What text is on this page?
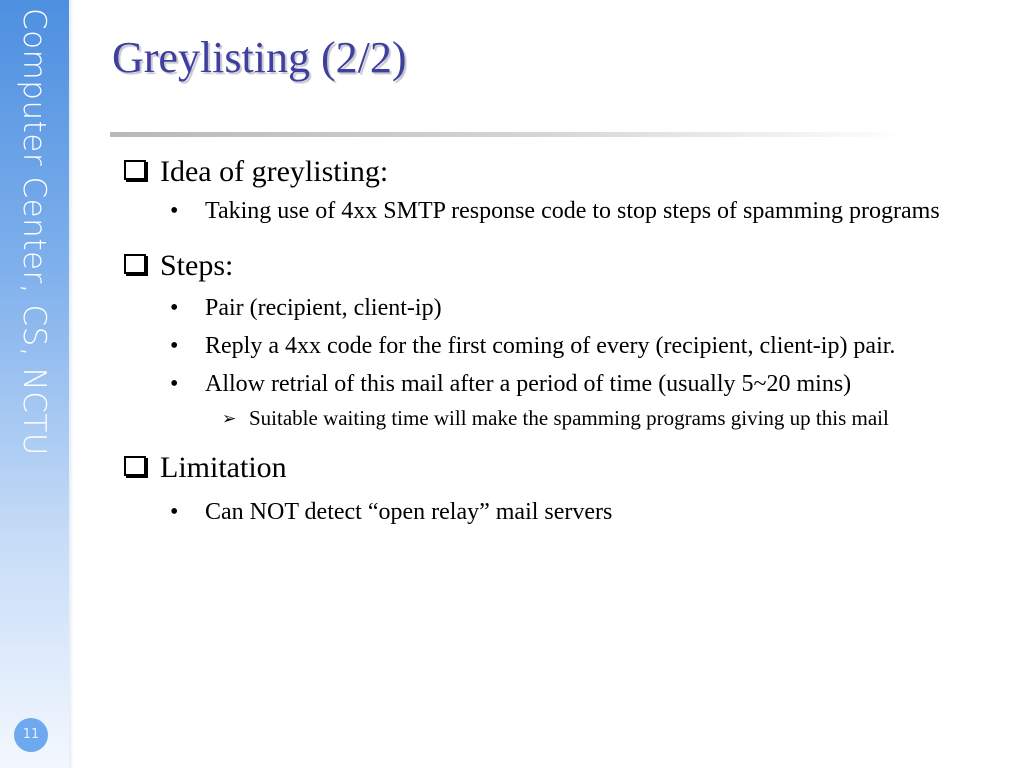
Computer Center, CS, NCTU
11
Greylisting (2/2)
Idea of greylisting:
• Taking use of 4xx SMTP response code to stop steps of spamming programs
Steps:
• Pair (recipient, client-ip)
• Reply a 4xx code for the first coming of every (recipient, client-ip) pair.
• Allow retrial of this mail after a period of time (usually 5~20 mins)
➢ Suitable waiting time will make the spamming programs giving up this mail
Limitation
• Can NOT detect “open relay” mail servers
